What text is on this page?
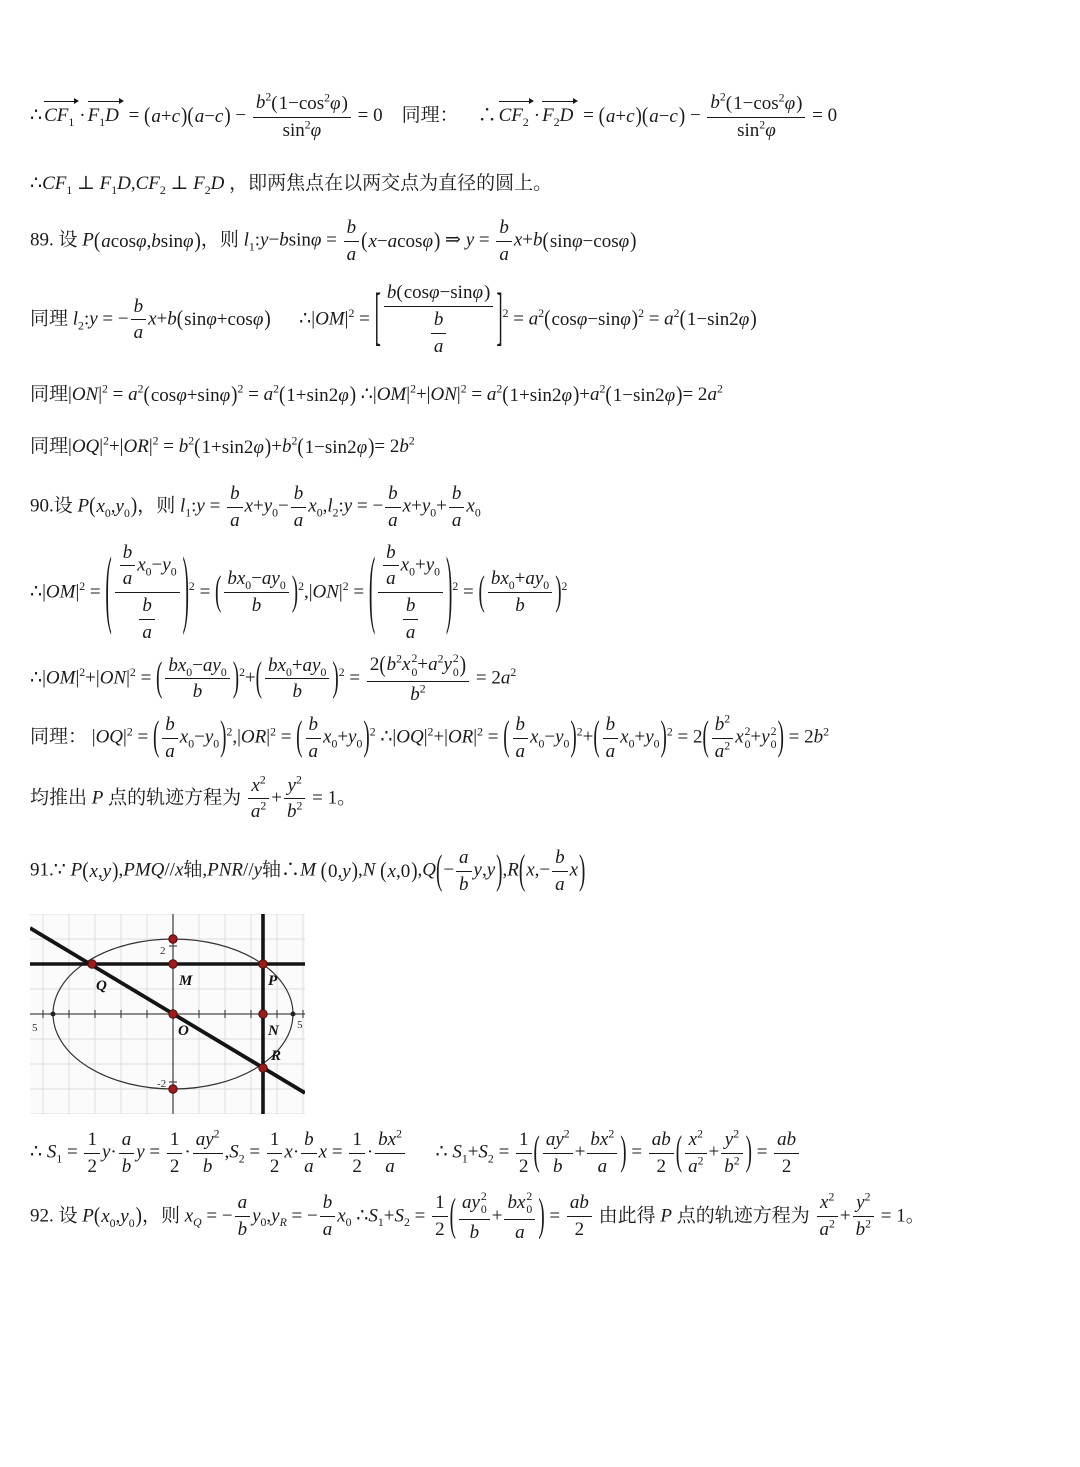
∴ $CF_1 \cdot F_1D$ = ( a+c ) ( a−c ) − $\frac{b^2 ( 1-\cos^2\varphi )}{\sin^2\varphi} = 0$ 同理： ∴ $CF_2 \cdot F_2D$ = ( a+c ) ( a−c ) − $\frac{b^2 ( 1-\cos^2\varphi )}{\sin^2\varphi} = 0$
$\therefore CF_1$ ⊥ $F_1D,CF_2$ ⊥ $F_2D$ ，即两焦点在以两交点为直径的圆上。
89. 设 P ( acosφ,bsinφ ) ，则 $l_1:y-bsin\varphi = \frac{b}{a}$ ( x−acosφ ) ⇒ $y = \frac{b}{a} x+b$ ( sinφ−cosφ )
同理 $l_2:y$ = − $\frac{b}{a} x+b$ ( sinφ+cosφ )   $\therefore|OM|^2$ = [ $\frac{b ( \cos\varphi-\sin\varphi )}{\frac{b}{a}}$ ] $^2 = a^2$ ( cosφ−sinφ ) $^2 = a^2$ ( 1−sin2φ )
同理$|ON|^2 = a^2$ ( cosφ+sinφ ) $^2 = a^2$ ( 1+sin2φ ) $\therefore|OM|^2+|ON|^2 = a^2$ ( 1+sin2φ ) $+a^2$ ( 1−sin2φ ) = $2a^2$
同理$|OQ|^2+|OR|^2 = b^2$ ( 1+sin2φ ) $+b^2$ ( 1−sin2φ ) = $2b^2$
90.设 P ( $x_0,y_0$ ) ，则 $l_1:y = \frac{b}{a} x+y_0- \frac{b}{a}$ $x_0,l_2:y$ = − $\frac{b}{a} x+y_0+ \frac{b}{a} x_0$
$\therefore|OM|^2$ = ( $\frac{\frac{b}{a} x_0-y_0}{\frac{b}{a}}$ ) $^2$ = ( $\frac{bx_0-ay_0}{b}$ ) $^2,|ON|^2$ = ( $\frac{\frac{b}{a} x_0+y_0}{\frac{b}{a}}$ ) $^2$ = ( $\frac{bx_0+ay_0}{b}$ ) $^2$
$\therefore|OM|^2+|ON|^2$ = ( $\frac{bx_0-ay_0}{b}$ ) $^2$+ ( $\frac{bx_0+ay_0}{b}$ ) $^2$ = 2 ( $b^2x$ 2
$0 +a^2y$ 2
0 )
$b^2 = 2a^2$
同理： $|OQ|^2$ = ( $\frac{b}{a} x_0-y_0$ ) $^2,|OR|^2$ = ( $\frac{b}{a} x_0+y_0$ ) $^2$ $\therefore|OQ|^2+|OR|^2$ = ( $\frac{b}{a} x_0-y_0$ ) $^2$+ ( $\frac{b}{a} x_0+y_0$ ) $^2$ = 2 ( $\frac{b^2}{a^2}$ x 2
0 +y 2
0 ) = $2b^2$
均推出 P 点的轨迹方程为 $\frac{x^2}{a^2} + \frac{y^2}{b^2} = 1$。
91.∵ P ( x,y ) ,PMQ//x轴,PNR//y轴∴M ( 0,y ) ,N ( x,0 ) ,Q ( − $\frac{a}{b} y,y$ ) ,R ( $x,- \frac{b}{a}$ x )
Q	M	P
O	N
R
2
-2
5
5
∴ $S_1 = \frac{1}{2} y\cdot \frac{a}{b}$ $y = \frac{1}{2} \cdot \frac{ay^2}{b} ,S_2 = \frac{1}{2} x\cdot \frac{b}{a}$ $x = \frac{1}{2} \cdot \frac{bx^2}{a}$   ∴ $S_1+S_2 = \frac{1}{2}$ ( $\frac{ay^2}{b} + \frac{bx^2}{a}$ ) = $\frac{ab}{2}$ ( $\frac{x^2}{a^2} + \frac{y^2}{b^2}$ ) = $\frac{ab}{2}$
92. 设 P ( $x_0,y_0$ ) ，则 $x_Q$ = − $\frac{a}{b} y_0,y_R$ = − $\frac{b}{a} x_0$ $\therefore S_1+S_2 = \frac{1}{2}$ ( ay 2
0
b + bx 2
0
a ) = $\frac{ab}{2}$ 由此得 P 点的轨迹方程为 $\frac{x^2}{a^2} + \frac{y^2}{b^2} = 1$。
